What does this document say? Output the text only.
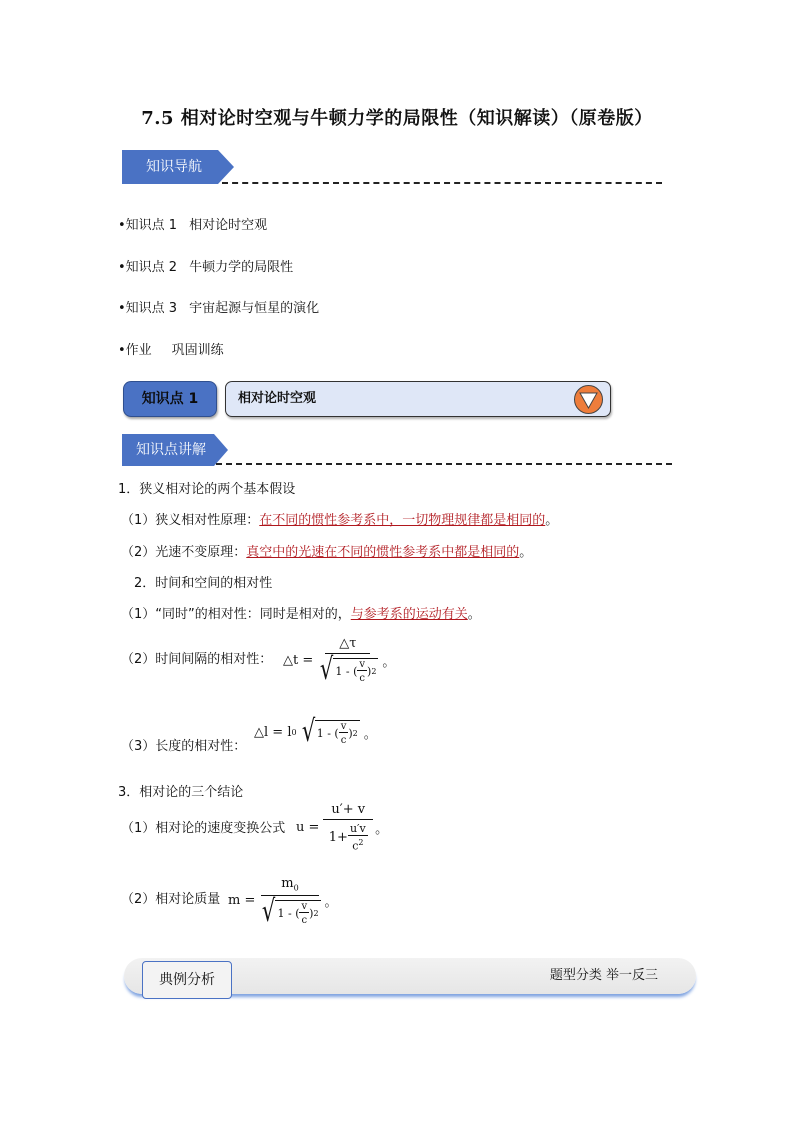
7.5 相对论时空观与牛顿力学的局限性（知识解读）（原卷版）
知识导航
•知识点 1 相对论时空观
•知识点 2 牛顿力学的局限性
•知识点 3 宇宙起源与恒星的演化
•作业 巩固训练
知识点 1	相对论时空观
知识点讲解
1．狭义相对论的两个基本假设
（1）狭义相对性原理：在不同的惯性参考系中，一切物理规律都是相同的。
（2）光速不变原理：真空中的光速在不同的惯性参考系中都是相同的。
2．时间和空间的相对性
（1）“同时”的相对性：同时是相对的，与参考系的运动有关。
（2）时间间隔的相对性： △t = $\frac{\triangle\tau}{√ 1 - ( \frac{v}{c} ) 2}$ 。
（3）长度的相对性：
△l = l 0 √ 1 - ( $\frac{v}{c}$ ) 2 。
3．相对论的三个结论
（1）相对论的速度变换公式 $u = \frac{u'+ v}{1+ \frac{u'v}{c^2}}$ 。
（2）相对论质量 $m = \frac{m_0}{√ 1 - ( \frac{v}{c} ) 2}$ 。
题型分类 举一反三
典例分析
